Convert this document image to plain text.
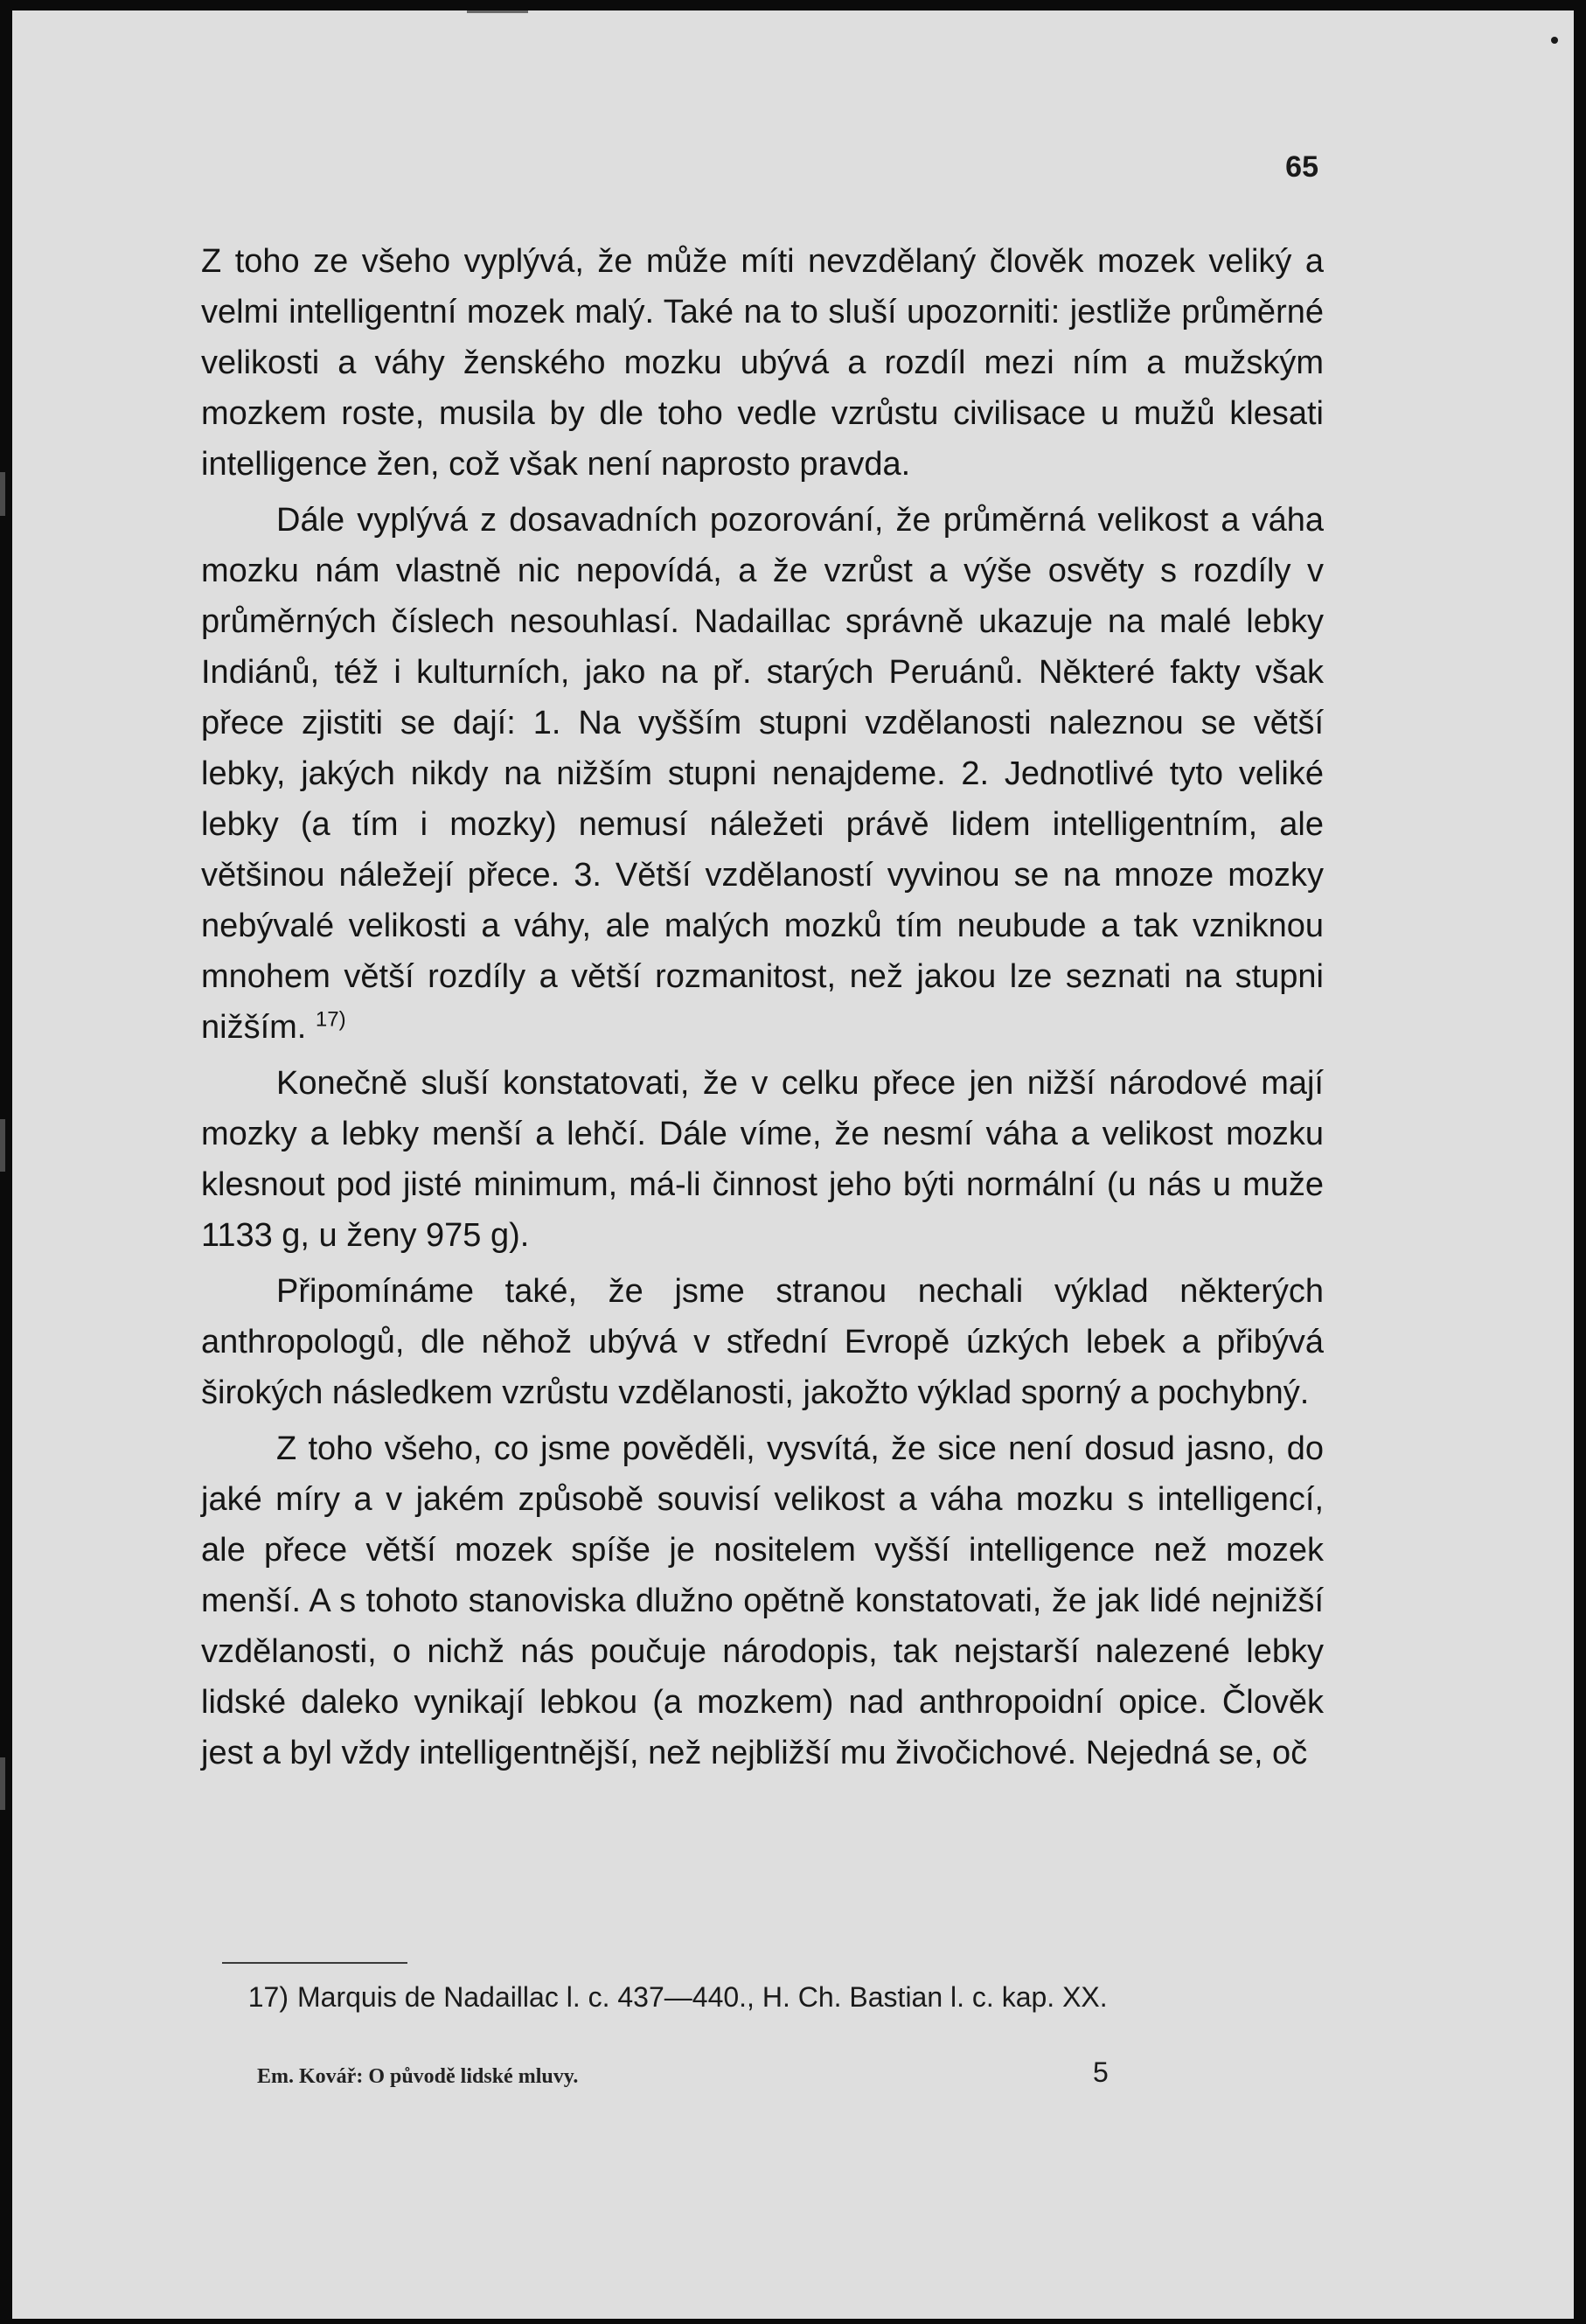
65

Z toho ze všeho vyplývá, že může míti nevzdělaný člověk mozek veliký a velmi intelligentní mozek malý. Také na to sluší upozorniti: jestliže průměrné velikosti a váhy ženského mozku ubývá a rozdíl mezi ním a mužským mozkem roste, musila by dle toho vedle vzrůstu civilisace u mužů klesati intelligence žen, což však není naprosto pravda.

Dále vyplývá z dosavadních pozorování, že průměrná velikost a váha mozku nám vlastně nic nepovídá, a že vzrůst a výše osvěty s rozdíly v průměrných číslech nesouhlasí. Nadaillac správně ukazuje na malé lebky Indiánů, též i kulturních, jako na př. starých Peruánů. Některé fakty však přece zjistiti se dají: 1. Na vyšším stupni vzdělanosti naleznou se větší lebky, jakých nikdy na nižším stupni nenajdeme. 2. Jednotlivé tyto veliké lebky (a tím i mozky) nemusí náležeti právě lidem intelligentním, ale většinou náležejí přece. 3. Větší vzdělaností vyvinou se na mnoze mozky nebývalé velikosti a váhy, ale malých mozků tím neubude a tak vzniknou mnohem větší rozdíly a větší rozmanitost, než jakou lze seznati na stupni nižším. $^{17)}$

Konečně sluší konstatovati, že v celku přece jen nižší národové mají mozky a lebky menší a lehčí. Dále víme, že nesmí váha a velikost mozku klesnout pod jisté minimum, má-li činnost jeho býti normální (u nás u muže 1133 g, u ženy 975 g).

Připomínáme také, že jsme stranou nechali výklad některých anthropologů, dle něhož ubývá v střední Evropě úzkých lebek a přibývá širokých následkem vzrůstu vzdělanosti, jakožto výklad sporný a pochybný.

Z toho všeho, co jsme pověděli, vysvítá, že sice není dosud jasno, do jaké míry a v jakém způsobě souvisí velikost a váha mozku s intelligencí, ale přece větší mozek spíše je nositelem vyšší intelligence než mozek menší. A s tohoto stanoviska dlužno opětně konstatovati, že jak lidé nejnižší vzdělanosti, o nichž nás poučuje národopis, tak nejstarší nalezené lebky lidské daleko vynikají lebkou (a mozkem) nad anthropoidní opice. Člověk jest a byl vždy intelligentnější, než nejbližší mu živočichové. Nejedná se, oč

17) Marquis de Nadaillac l. c. 437—440., H. Ch. Bastian l. c. kap. XX.

Em. Kovář: O původě lidské mluvy.	5
